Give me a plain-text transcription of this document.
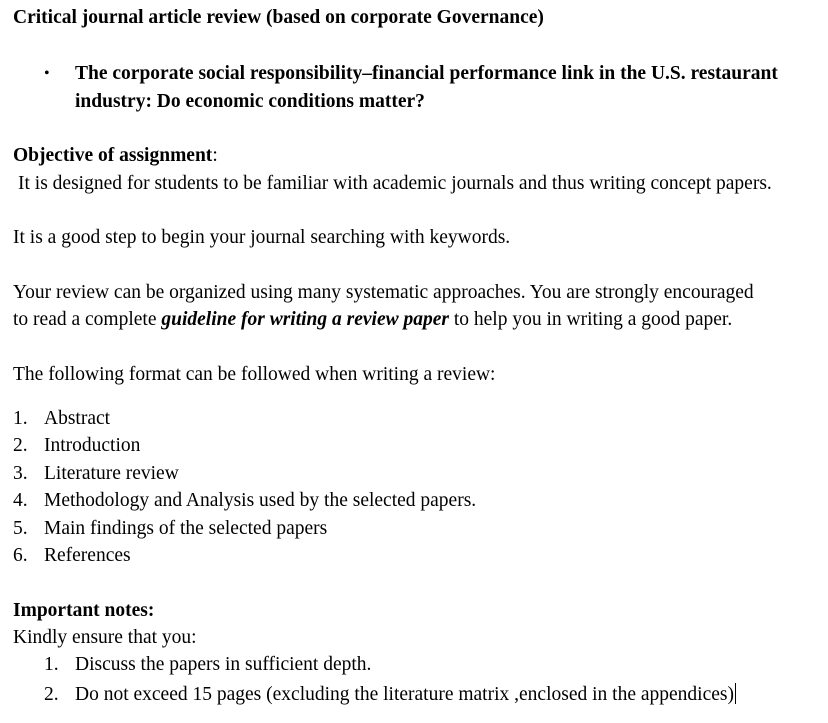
Critical journal article review (based on corporate Governance)
• The corporate social responsibility–financial performance link in the U.S. restaurant
industry: Do economic conditions matter?
Objective of assignment:
It is designed for students to be familiar with academic journals and thus writing concept papers.
It is a good step to begin your journal searching with keywords.
Your review can be organized using many systematic approaches. You are strongly encouraged
to read a complete guideline for writing a review paper to help you in writing a good paper.
The following format can be followed when writing a review:
1. Abstract
2. Introduction
3. Literature review
4. Methodology and Analysis used by the selected papers.
5. Main findings of the selected papers
6. References
Important notes:
Kindly ensure that you:
1. Discuss the papers in sufficient depth.
2. Do not exceed 15 pages (excluding the literature matrix ,enclosed in the appendices)
